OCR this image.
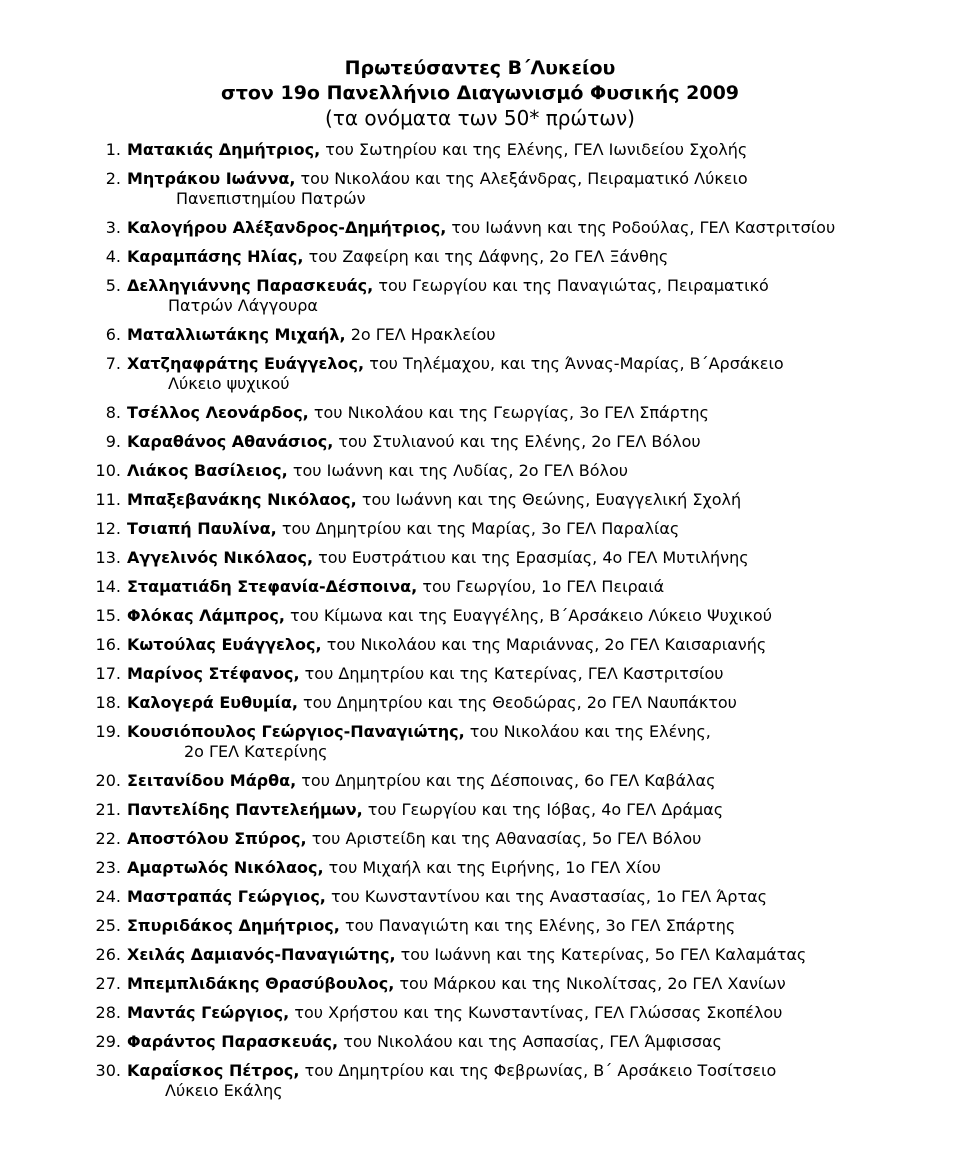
Πρωτεύσαντες Β΄Λυκείου
στον 19ο Πανελλήνιο Διαγωνισμό Φυσικής 2009
(τα ονόματα των 50* πρώτων)
1. Ματακιάς Δημήτριος, του Σωτηρίου και της Ελένης, ΓΕΛ Ιωνιδείου Σχολής
2. Μητράκου Ιωάννα, του Νικολάου και της Αλεξάνδρας, Πειραματικό Λύκειο
Πανεπιστημίου Πατρών
3. Καλογήρου Αλέξανδρος-Δημήτριος, του Ιωάννη και της Ροδούλας, ΓΕΛ Καστριτσίου
4. Καραμπάσης Ηλίας, του Ζαφείρη και της Δάφνης, 2ο ΓΕΛ Ξάνθης
5. Δελληγιάννης Παρασκευάς, του Γεωργίου και της Παναγιώτας, Πειραματικό
Πατρών Λάγγουρα
6. Ματαλλιωτάκης Μιχαήλ, 2ο ΓΕΛ Ηρακλείου
7. Χατζηαφράτης Ευάγγελος, του Τηλέμαχου, και της Άννας-Μαρίας, Β΄Αρσάκειο
Λύκειο ψυχικού
8. Τσέλλος Λεονάρδος, του Νικολάου και της Γεωργίας, 3ο ΓΕΛ Σπάρτης
9. Καραθάνος Αθανάσιος, του Στυλιανού και της Ελένης, 2ο ΓΕΛ Βόλου
10. Λιάκος Βασίλειος, του Ιωάννη και της Λυδίας, 2ο ΓΕΛ Βόλου
11. Μπαξεβανάκης Νικόλαος, του Ιωάννη και της Θεώνης, Ευαγγελική Σχολή
12. Τσιαπή Παυλίνα, του Δημητρίου και της Μαρίας, 3ο ΓΕΛ Παραλίας
13. Αγγελινός Νικόλαος, του Ευστράτιου και της Ερασμίας, 4ο ΓΕΛ Μυτιλήνης
14. Σταματιάδη Στεφανία-Δέσποινα, του Γεωργίου, 1ο ΓΕΛ Πειραιά
15. Φλόκας Λάμπρος, του Κίμωνα και της Ευαγγέλης, Β΄Αρσάκειο Λύκειο Ψυχικού
16. Κωτούλας Ευάγγελος, του Νικολάου και της Μαριάννας, 2ο ΓΕΛ Καισαριανής
17. Μαρίνος Στέφανος, του Δημητρίου και της Κατερίνας, ΓΕΛ Καστριτσίου
18. Καλογερά Ευθυμία, του Δημητρίου και της Θεοδώρας, 2ο ΓΕΛ Ναυπάκτου
19. Κουσιόπουλος Γεώργιος-Παναγιώτης, του Νικολάου και της Ελένης,
2ο ΓΕΛ Κατερίνης
20. Σειτανίδου Μάρθα, του Δημητρίου και της Δέσποινας, 6ο ΓΕΛ Καβάλας
21. Παντελίδης Παντελεήμων, του Γεωργίου και της Ιόβας, 4ο ΓΕΛ Δράμας
22. Αποστόλου Σπύρος, του Αριστείδη και της Αθανασίας, 5ο ΓΕΛ Βόλου
23. Αμαρτωλός Νικόλαος, του Μιχαήλ και της Ειρήνης, 1ο ΓΕΛ Χίου
24. Μαστραπάς Γεώργιος, του Κωνσταντίνου και της Αναστασίας, 1ο ΓΕΛ Άρτας
25. Σπυριδάκος Δημήτριος, του Παναγιώτη και της Ελένης, 3ο ΓΕΛ Σπάρτης
26. Χειλάς Δαμιανός-Παναγιώτης, του Ιωάννη και της Κατερίνας, 5ο ΓΕΛ Καλαμάτας
27. Μπεμπλιδάκης Θρασύβουλος, του Μάρκου και της Νικολίτσας, 2ο ΓΕΛ Χανίων
28. Μαντάς Γεώργιος, του Χρήστου και της Κωνσταντίνας, ΓΕΛ Γλώσσας Σκοπέλου
29. Φαράντος Παρασκευάς, του Νικολάου και της Ασπασίας, ΓΕΛ Άμφισσας
30. Καραΐσκος Πέτρος, του Δημητρίου και της Φεβρωνίας, Β΄ Αρσάκειο Τοσίτσειο
Λύκειο Εκάλης
